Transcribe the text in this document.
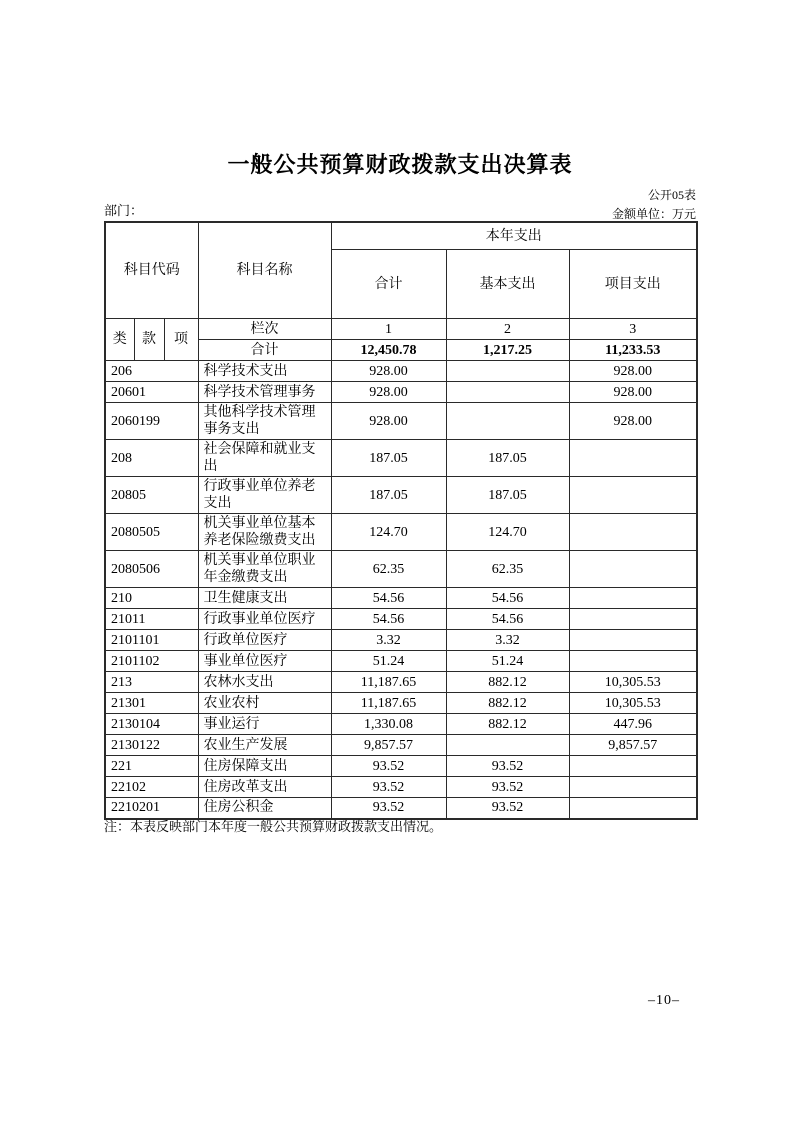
一般公共预算财政拨款支出决算表
公开05表
部门：	金额单位：万元
科目代码			科目名称	本年支出		
				合计	基本支出	项目支出
类	款	项	栏次	1	2	3
			合计	12,450.78	1,217.25	11,233.53
206			科学技术支出	928.00		928.00
20601			科学技术管理事务	928.00		928.00
2060199			其他科学技术管理事务支出	928.00		928.00
208			社会保障和就业支出	187.05	187.05	
20805			行政事业单位养老支出	187.05	187.05	
2080505			机关事业单位基本养老保险缴费支出	124.70	124.70	
2080506			机关事业单位职业年金缴费支出	62.35	62.35	
210			卫生健康支出	54.56	54.56	
21011			行政事业单位医疗	54.56	54.56	
2101101			行政单位医疗	3.32	3.32	
2101102			事业单位医疗	51.24	51.24	
213			农林水支出	11,187.65	882.12	10,305.53
21301			农业农村	11,187.65	882.12	10,305.53
2130104			事业运行	1,330.08	882.12	447.96
2130122			农业生产发展	9,857.57		9,857.57
221			住房保障支出	93.52	93.52	
22102			住房改革支出	93.52	93.52	
2210201			住房公积金	93.52	93.52	
注：本表反映部门本年度一般公共预算财政拨款支出情况。
–10–
